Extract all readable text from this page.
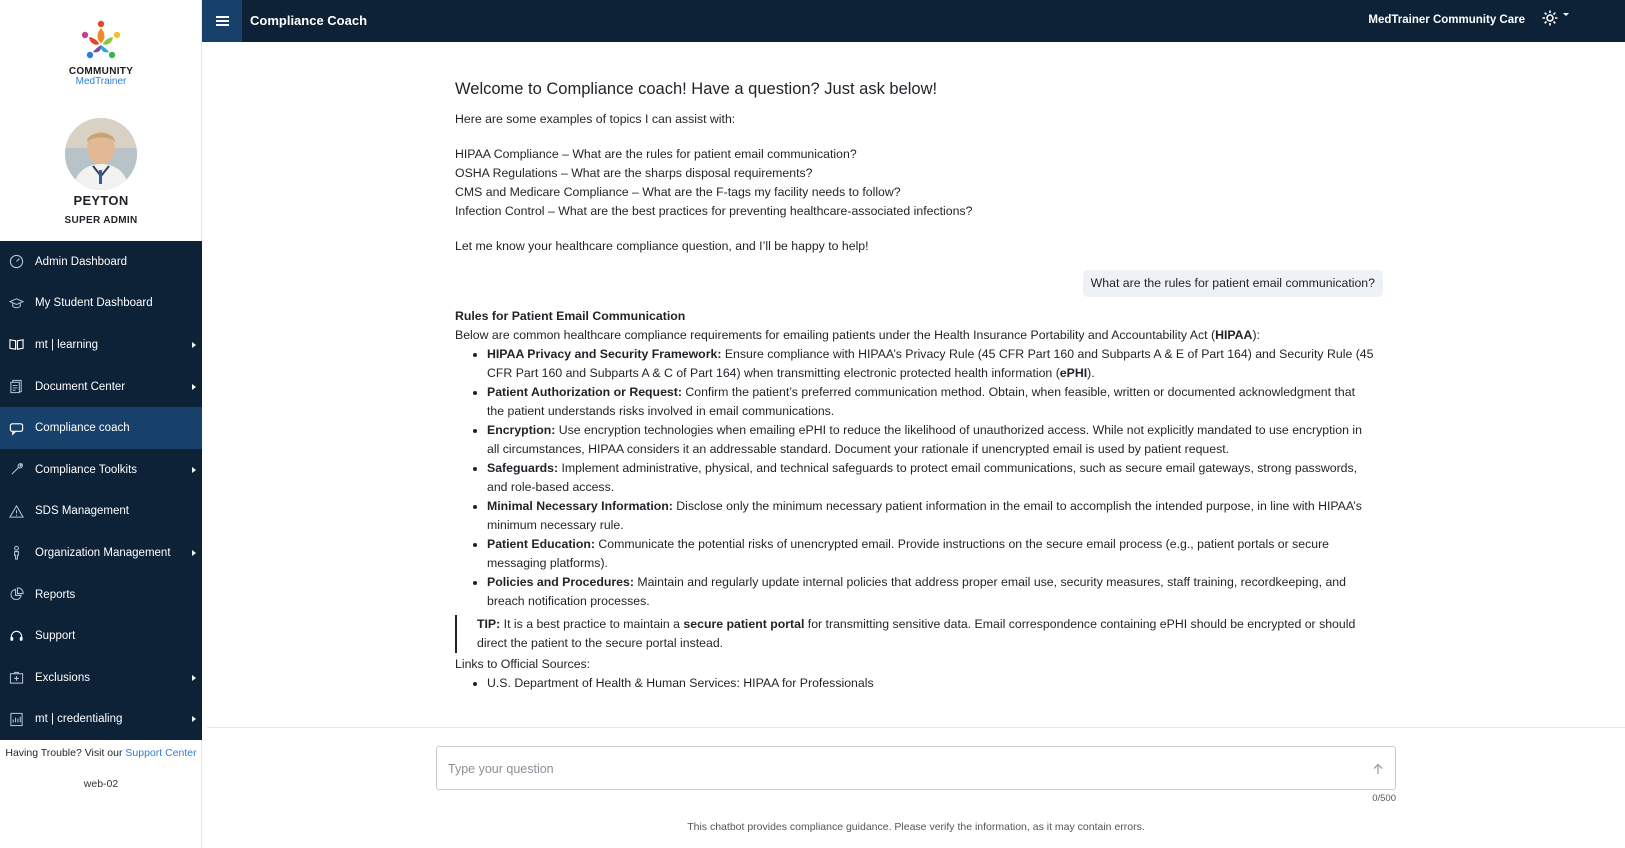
COMMUNITY
MedTrainer
PEYTON
SUPER ADMIN
Admin Dashboard
My Student Dashboard
mt | learning
Document Center
Compliance coach
Compliance Toolkits
SDS Management
Organization Management
Reports
Support
Exclusions
mt | credentialing
Having Trouble? Visit our Support Center
web-02
Compliance Coach	MedTrainer Community Care
Welcome to Compliance coach! Have a question? Just ask below!

Here are some examples of topics I can assist with:

HIPAA Compliance – What are the rules for patient email communication?

OSHA Regulations – What are the sharps disposal requirements?

CMS and Medicare Compliance – What are the F-tags my facility needs to follow?

Infection Control – What are the best practices for preventing healthcare-associated infections?

Let me know your healthcare compliance question, and I’ll be happy to help!

What are the rules for patient email communication?

Rules for Patient Email Communication

Below are common healthcare compliance requirements for emailing patients under the Health Insurance Portability and Accountability Act (HIPAA):

• HIPAA Privacy and Security Framework: Ensure compliance with HIPAA’s Privacy Rule (45 CFR Part 160 and Subparts A & E of Part 164) and Security Rule (45 CFR Part 160 and Subparts A & C of Part 164) when transmitting electronic protected health information (ePHI).
• Patient Authorization or Request: Confirm the patient’s preferred communication method. Obtain, when feasible, written or documented acknowledgment that the patient understands risks involved in email communications.
• Encryption: Use encryption technologies when emailing ePHI to reduce the likelihood of unauthorized access. While not explicitly mandated to use encryption in all circumstances, HIPAA considers it an addressable standard. Document your rationale if unencrypted email is used by patient request.
• Safeguards: Implement administrative, physical, and technical safeguards to protect email communications, such as secure email gateways, strong passwords, and role-based access.
• Minimal Necessary Information: Disclose only the minimum necessary patient information in the email to accomplish the intended purpose, in line with HIPAA’s minimum necessary rule.
• Patient Education: Communicate the potential risks of unencrypted email. Provide instructions on the secure email process (e.g., patient portals or secure messaging platforms).
• Policies and Procedures: Maintain and regularly update internal policies that address proper email use, security measures, staff training, recordkeeping, and breach notification processes.
TIP: It is a best practice to maintain a secure patient portal for transmitting sensitive data. Email correspondence containing ePHI should be encrypted or should direct the patient to the secure portal instead.

Links to Official Sources:

• U.S. Department of Health & Human Services: HIPAA for Professionals
Type your question
0/500
This chatbot provides compliance guidance. Please verify the information, as it may contain errors.
